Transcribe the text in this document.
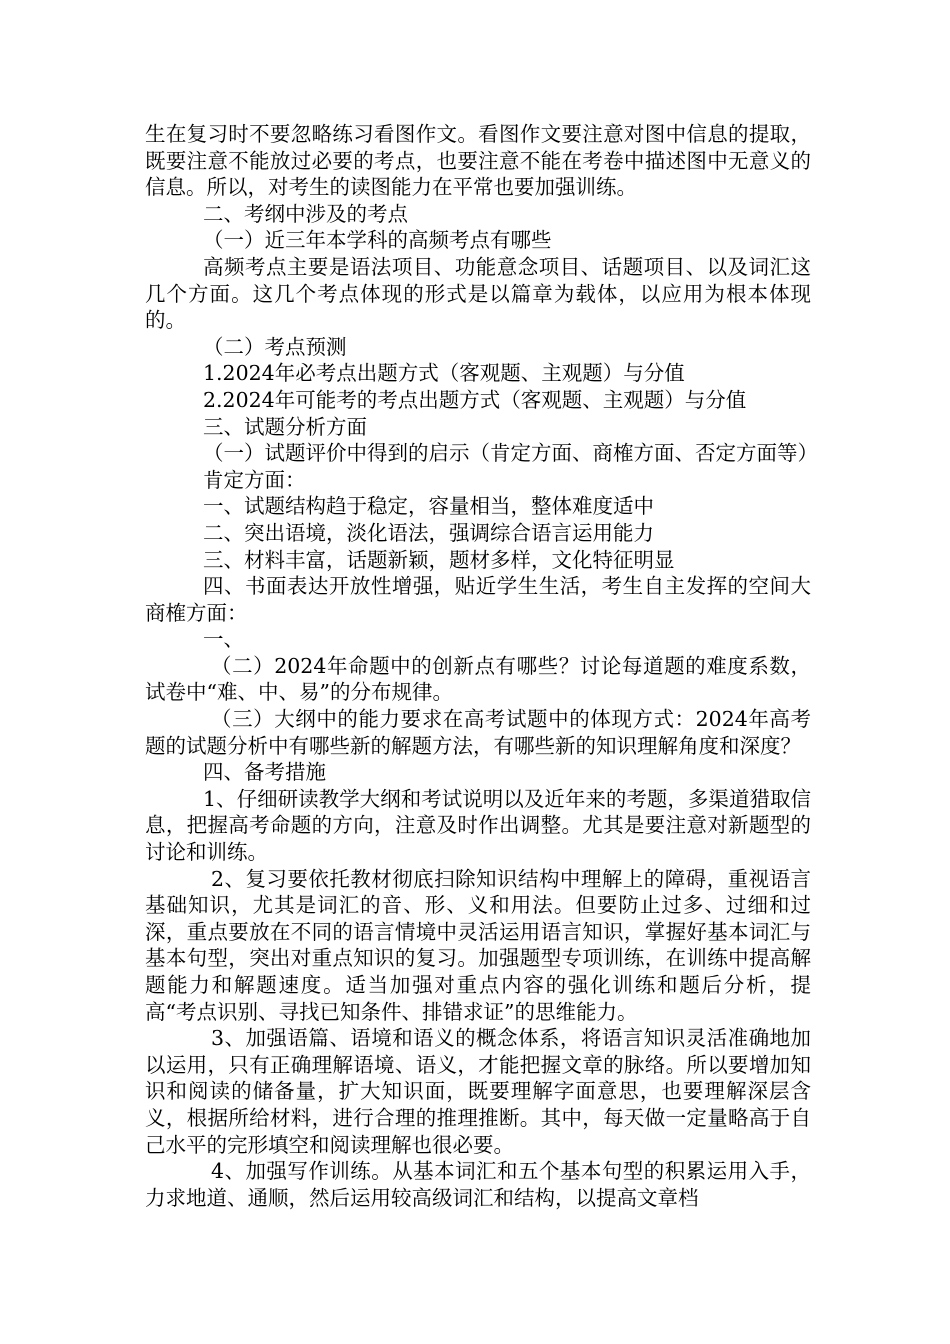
生在复习时不要忽略练习看图作文。看图作文要注意对图中信息的提取，既要注意不能放过必要的考点，也要注意不能在考卷中描述图中无意义的信息。所以，对考生的读图能力在平常也要加强训练。

二、考纲中涉及的考点

（一）近三年本学科的高频考点有哪些

高频考点主要是语法项目、功能意念项目、话题项目、以及词汇这几个方面。这几个考点体现的形式是以篇章为载体，以应用为根本体现的。

（二）考点预测

1.2024年必考点出题方式（客观题、主观题）与分值

2.2024年可能考的考点出题方式（客观题、主观题）与分值

三、试题分析方面

（一）试题评价中得到的启示（肯定方面、商榷方面、否定方面等）

肯定方面：

一、试题结构趋于稳定，容量相当，整体难度适中

二、突出语境，淡化语法，强调综合语言运用能力

三、材料丰富，话题新颖，题材多样，文化特征明显

四、书面表达开放性增强，贴近学生生活，考生自主发挥的空间大 商榷方面：

一、

（二）2024年命题中的创新点有哪些？讨论每道题的难度系数，试卷中“难、中、易”的分布规律。

（三）大纲中的能力要求在高考试题中的体现方式：2024年高考题的试题分析中有哪些新的解题方法，有哪些新的知识理解角度和深度？

四、备考措施

1、仔细研读教学大纲和考试说明以及近年来的考题，多渠道猎取信息，把握高考命题的方向，注意及时作出调整。尤其是要注意对新题型的讨论和训练。

2、复习要依托教材彻底扫除知识结构中理解上的障碍，重视语言基础知识，尤其是词汇的音、形、义和用法。但要防止过多、过细和过深，重点要放在不同的语言情境中灵活运用语言知识，掌握好基本词汇与基本句型，突出对重点知识的复习。加强题型专项训练，在训练中提高解题能力和解题速度。适当加强对重点内容的强化训练和题后分析，提高“考点识别、寻找已知条件、排错求证”的思维能力。

3、加强语篇、语境和语义的概念体系，将语言知识灵活准确地加以运用，只有正确理解语境、语义，才能把握文章的脉络。所以要增加知识和阅读的储备量，扩大知识面，既要理解字面意思，也要理解深层含义，根据所给材料，进行合理的推理推断。其中，每天做一定量略高于自己水平的完形填空和阅读理解也很必要。

4、加强写作训练。从基本词汇和五个基本句型的积累运用入手，力求地道、通顺，然后运用较高级词汇和结构，以提高文章档
